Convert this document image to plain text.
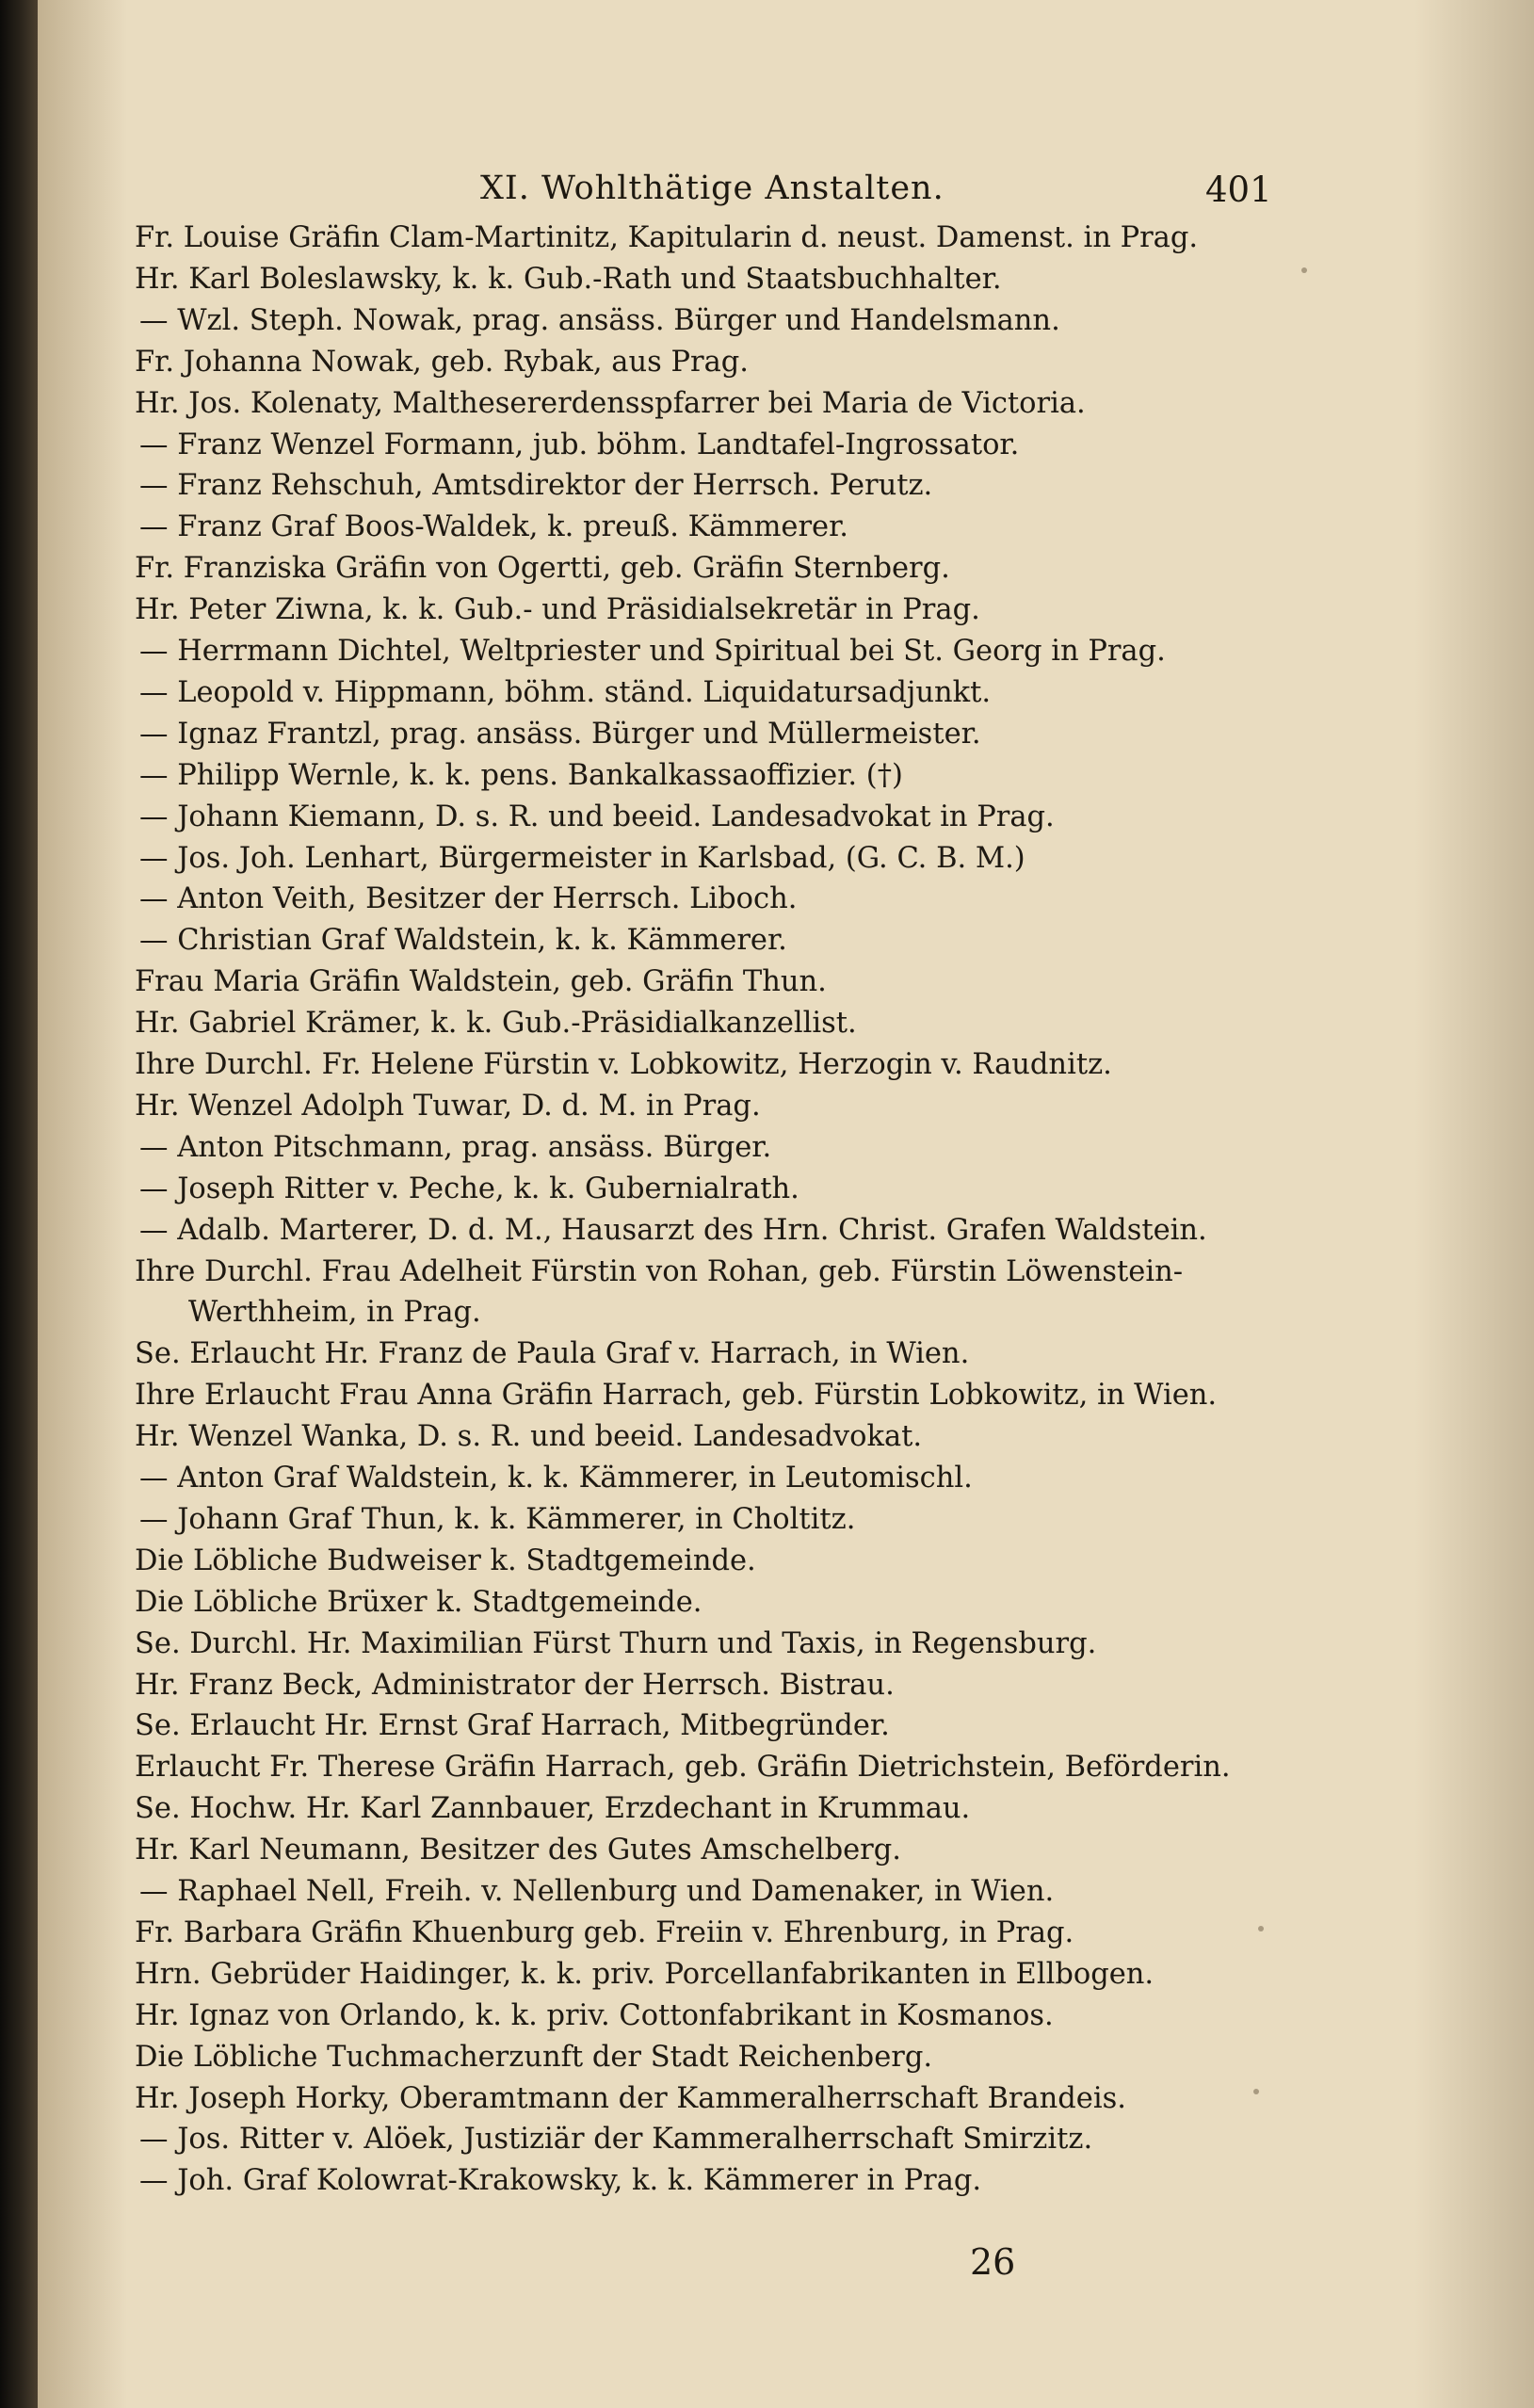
XI. Wohlthätige Anstalten.	401
Fr. Louise Gräfin Clam-Martinitz, Kapitularin d. neust. Damenst. in Prag.
Hr. Karl Boleslawsky, k. k. Gub.-Rath und Staatsbuchhalter.
— Wzl. Steph. Nowak, prag. ansäss. Bürger und Handelsmann.
Fr. Johanna Nowak, geb. Rybak, aus Prag.
Hr. Jos. Kolenaty, Malthesererdensspfarrer bei Maria de Victoria.
— Franz Wenzel Formann, jub. böhm. Landtafel-Ingrossator.
— Franz Rehschuh, Amtsdirektor der Herrsch. Perutz.
— Franz Graf Boos-Waldek, k. preuß. Kämmerer.
Fr. Franziska Gräfin von Ogertti, geb. Gräfin Sternberg.
Hr. Peter Ziwna, k. k. Gub.- und Präsidialsekretär in Prag.
— Herrmann Dichtel, Weltpriester und Spiritual bei St. Georg in Prag.
— Leopold v. Hippmann, böhm. ständ. Liquidatursadjunkt.
— Ignaz Frantzl, prag. ansäss. Bürger und Müllermeister.
— Philipp Wernle, k. k. pens. Bankalkassaoffizier. (†)
— Johann Kiemann, D. s. R. und beeid. Landesadvokat in Prag.
— Jos. Joh. Lenhart, Bürgermeister in Karlsbad, (G. C. B. M.)
— Anton Veith, Besitzer der Herrsch. Liboch.
— Christian Graf Waldstein, k. k. Kämmerer.
Frau Maria Gräfin Waldstein, geb. Gräfin Thun.
Hr. Gabriel Krämer, k. k. Gub.-Präsidialkanzellist.
Ihre Durchl. Fr. Helene Fürstin v. Lobkowitz, Herzogin v. Raudnitz.
Hr. Wenzel Adolph Tuwar, D. d. M. in Prag.
— Anton Pitschmann, prag. ansäss. Bürger.
— Joseph Ritter v. Peche, k. k. Gubernialrath.
— Adalb. Marterer, D. d. M., Hausarzt des Hrn. Christ. Grafen Waldstein.
Ihre Durchl. Frau Adelheit Fürstin von Rohan, geb. Fürstin Löwenstein-
Werthheim, in Prag.
Se. Erlaucht Hr. Franz de Paula Graf v. Harrach, in Wien.
Ihre Erlaucht Frau Anna Gräfin Harrach, geb. Fürstin Lobkowitz, in Wien.
Hr. Wenzel Wanka, D. s. R. und beeid. Landesadvokat.
— Anton Graf Waldstein, k. k. Kämmerer, in Leutomischl.
— Johann Graf Thun, k. k. Kämmerer, in Choltitz.
Die Löbliche Budweiser k. Stadtgemeinde.
Die Löbliche Brüxer k. Stadtgemeinde.
Se. Durchl. Hr. Maximilian Fürst Thurn und Taxis, in Regensburg.
Hr. Franz Beck, Administrator der Herrsch. Bistrau.
Se. Erlaucht Hr. Ernst Graf Harrach, Mitbegründer.
Erlaucht Fr. Therese Gräfin Harrach, geb. Gräfin Dietrichstein, Beförderin.
Se. Hochw. Hr. Karl Zannbauer, Erzdechant in Krummau.
Hr. Karl Neumann, Besitzer des Gutes Amschelberg.
— Raphael Nell, Freih. v. Nellenburg und Damenaker, in Wien.
Fr. Barbara Gräfin Khuenburg geb. Freiin v. Ehrenburg, in Prag.
Hrn. Gebrüder Haidinger, k. k. priv. Porcellanfabrikanten in Ellbogen.
Hr. Ignaz von Orlando, k. k. priv. Cottonfabrikant in Kosmanos.
Die Löbliche Tuchmacherzunft der Stadt Reichenberg.
Hr. Joseph Horky, Oberamtmann der Kammeralherrschaft Brandeis.
— Jos. Ritter v. Alöek, Justiziär der Kammeralherrschaft Smirzitz.
— Joh. Graf Kolowrat-Krakowsky, k. k. Kämmerer in Prag.
26
